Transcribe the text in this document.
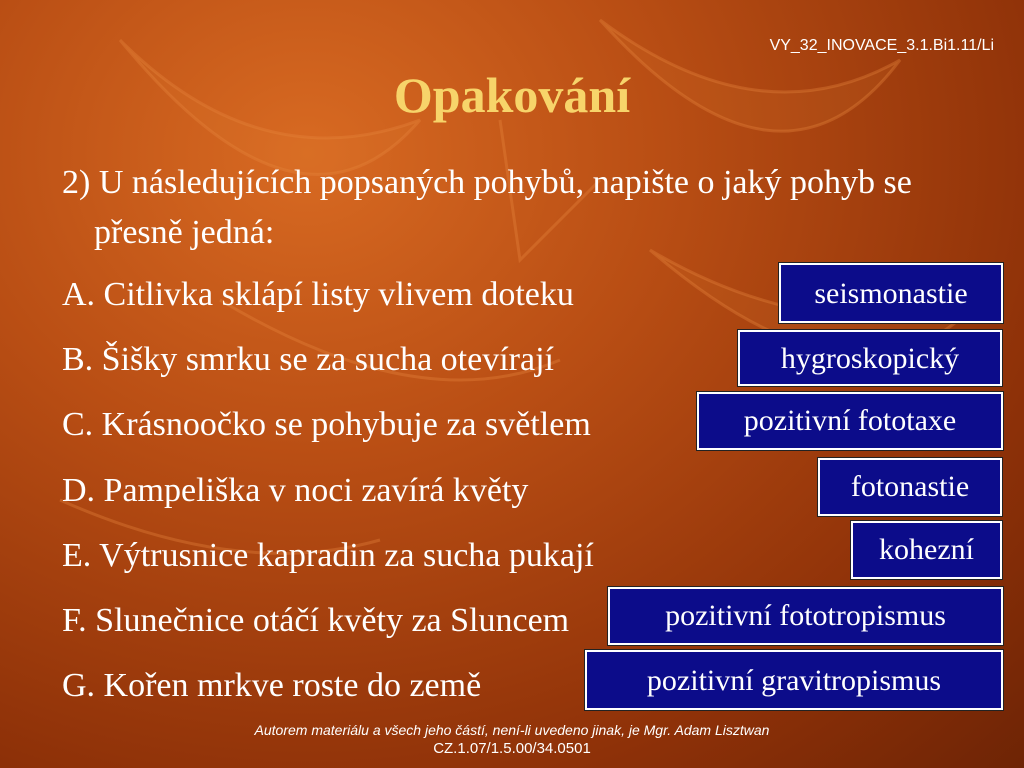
VY_32_INOVACE_3.1.Bi1.11/Li
Opakování
2) U následujících popsaných pohybů, napište o jaký pohyb se přesně jedná:
A. Citlivka sklápí listy vlivem doteku
B. Šišky smrku se za sucha otevírají
C. Krásnoočko se pohybuje za světlem
D. Pampeliška v noci zavírá květy
E. Výtrusnice kapradin za sucha pukají
F. Slunečnice otáčí květy za Sluncem
G. Kořen mrkve roste do země
seismonastie
hygroskopický
pozitivní fototaxe
fotonastie
kohezní
pozitivní fototropismus
pozitivní gravitropismus
Autorem materiálu a všech jeho částí, není-li uvedeno jinak, je Mgr. Adam Lisztwan
CZ.1.07/1.5.00/34.0501
